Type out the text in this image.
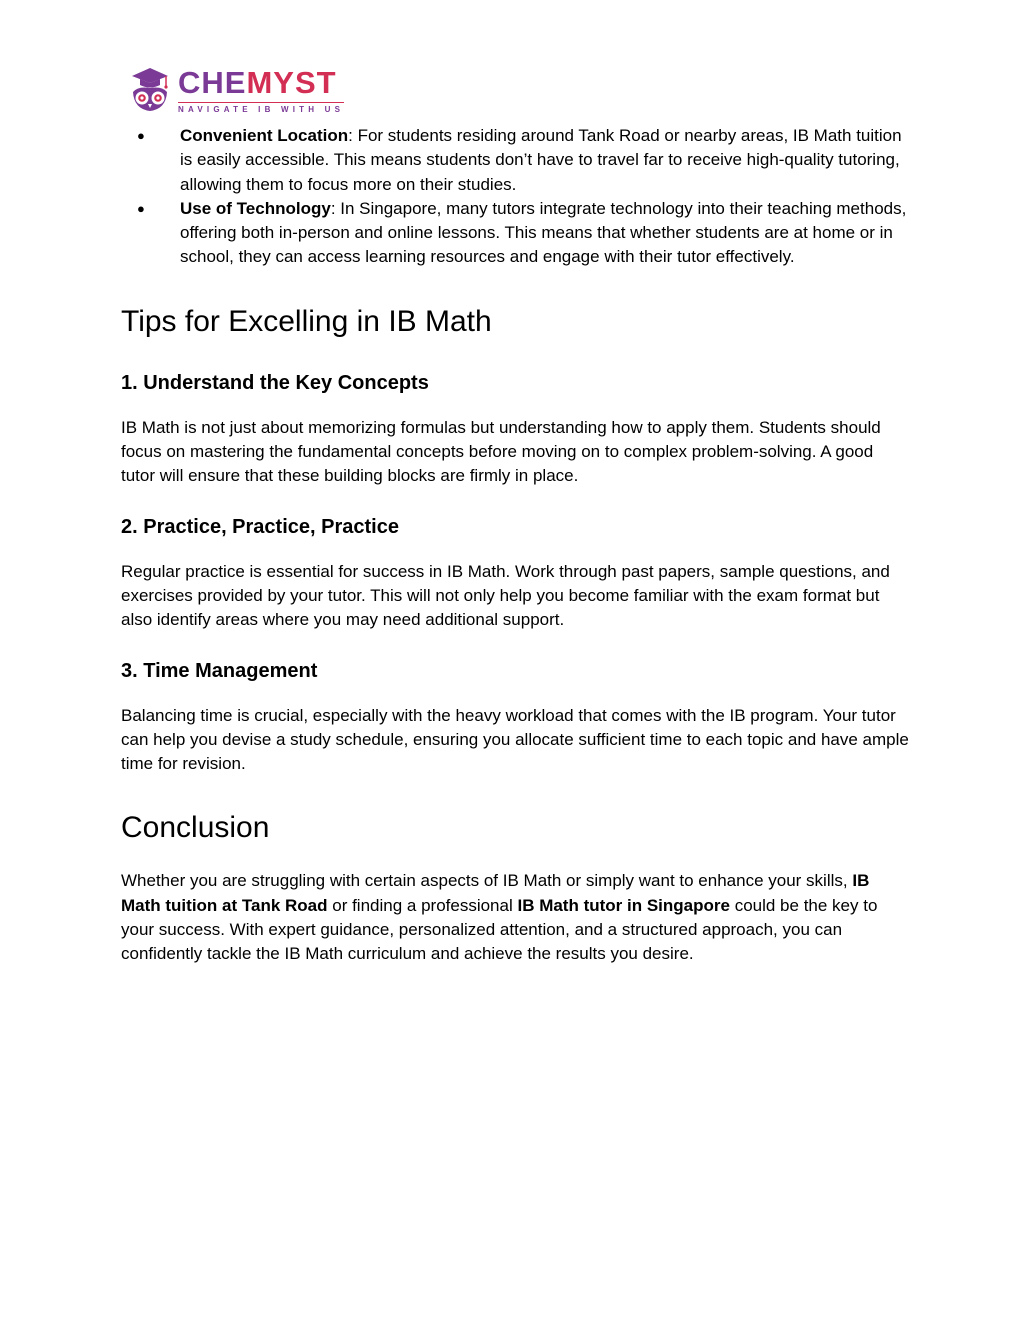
CHEMYST
NAVIGATE IB WITH US
● Convenient Location: For students residing around Tank Road or nearby areas, IB Math tuition is easily accessible. This means students don’t have to travel far to receive high-quality tutoring, allowing them to focus more on their studies.
● Use of Technology: In Singapore, many tutors integrate technology into their teaching methods, offering both in-person and online lessons. This means that whether students are at home or in school, they can access learning resources and engage with their tutor effectively.
Tips for Excelling in IB Math
1. Understand the Key Concepts

IB Math is not just about memorizing formulas but understanding how to apply them. Students should focus on mastering the fundamental concepts before moving on to complex problem-solving. A good tutor will ensure that these building blocks are firmly in place.

2. Practice, Practice, Practice

Regular practice is essential for success in IB Math. Work through past papers, sample questions, and exercises provided by your tutor. This will not only help you become familiar with the exam format but also identify areas where you may need additional support.

3. Time Management

Balancing time is crucial, especially with the heavy workload that comes with the IB program. Your tutor can help you devise a study schedule, ensuring you allocate sufficient time to each topic and have ample time for revision.

Conclusion

Whether you are struggling with certain aspects of IB Math or simply want to enhance your skills, IB Math tuition at Tank Road or finding a professional IB Math tutor in Singapore could be the key to your success. With expert guidance, personalized attention, and a structured approach, you can confidently tackle the IB Math curriculum and achieve the results you desire.
